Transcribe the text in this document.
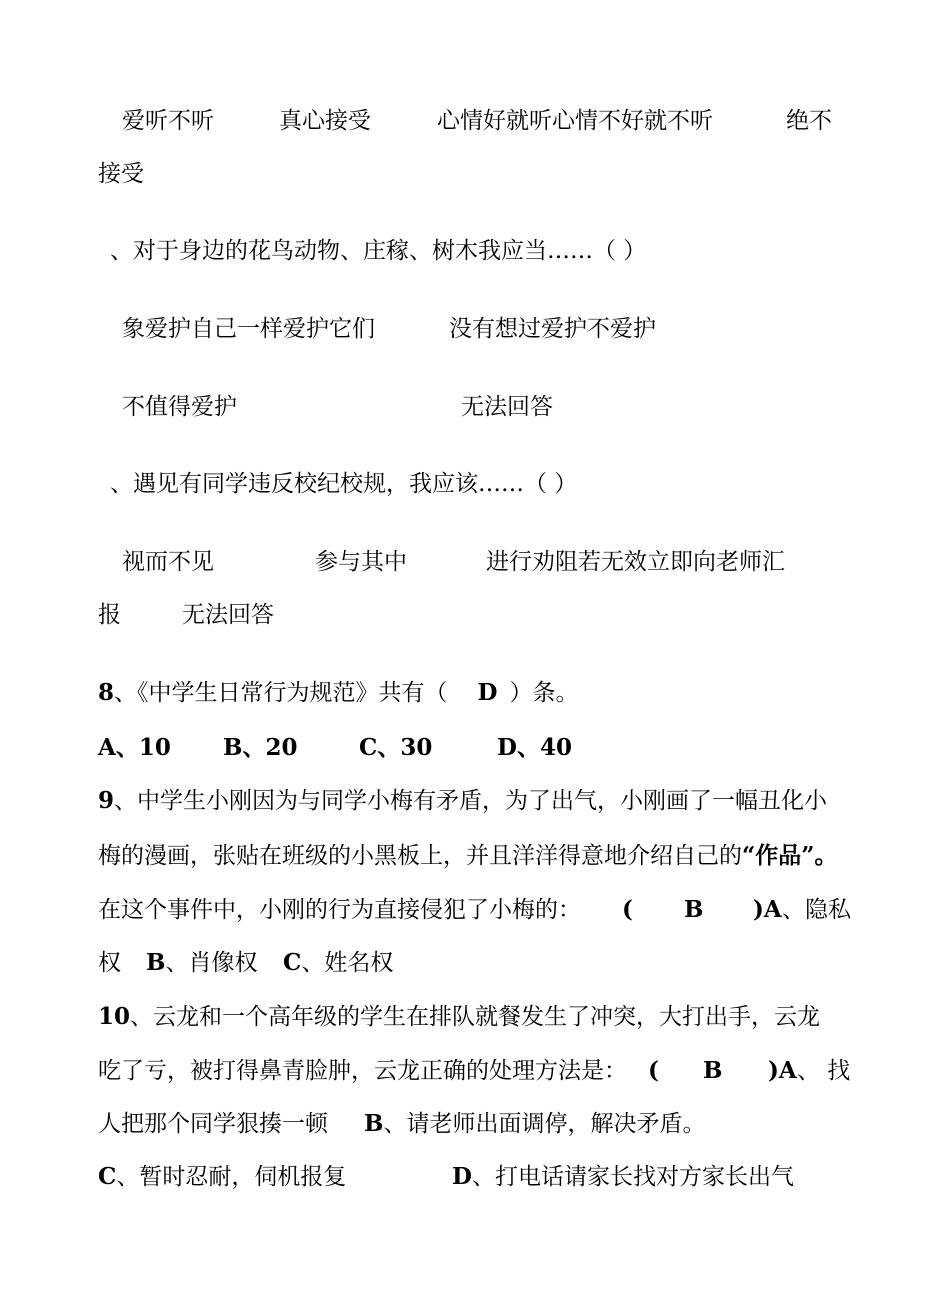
爱听不听	真心接受	心情好就听心情不好就不听	绝不
接受
、对于身边的花鸟动物、庄稼、树木我应当……（ ）
象爱护自己一样爱护它们	没有想过爱护不爱护
不值得爱护	无法回答
、遇见有同学违反校纪校规，我应该……（ ）
视而不见	参与其中	进行劝阻若无效立即向老师汇
报	无法回答
8、《中学生日常行为规范》共有（ D ）条。
A、10 B、20	C、30	D、40
9、中学生小刚因为与同学小梅有矛盾，为了出气，小刚画了一幅丑化小
梅的漫画，张贴在班级的小黑板上，并且洋洋得意地介绍自己的“作品”。
在这个事件中，小刚的行为直接侵犯了小梅的： ( B )A 、隐私
权 B、肖像权 C、姓名权
10、云龙和一个高年级的学生在排队就餐发生了冲突，大打出手，云龙
吃了亏，被打得鼻青脸肿，云龙正确的处理方法是： ( B )A 、 找
人把那个同学狠揍一顿 B、请老师出面调停，解决矛盾。
C、暂时忍耐，伺机报复	D、打电话请家长找对方家长出气
